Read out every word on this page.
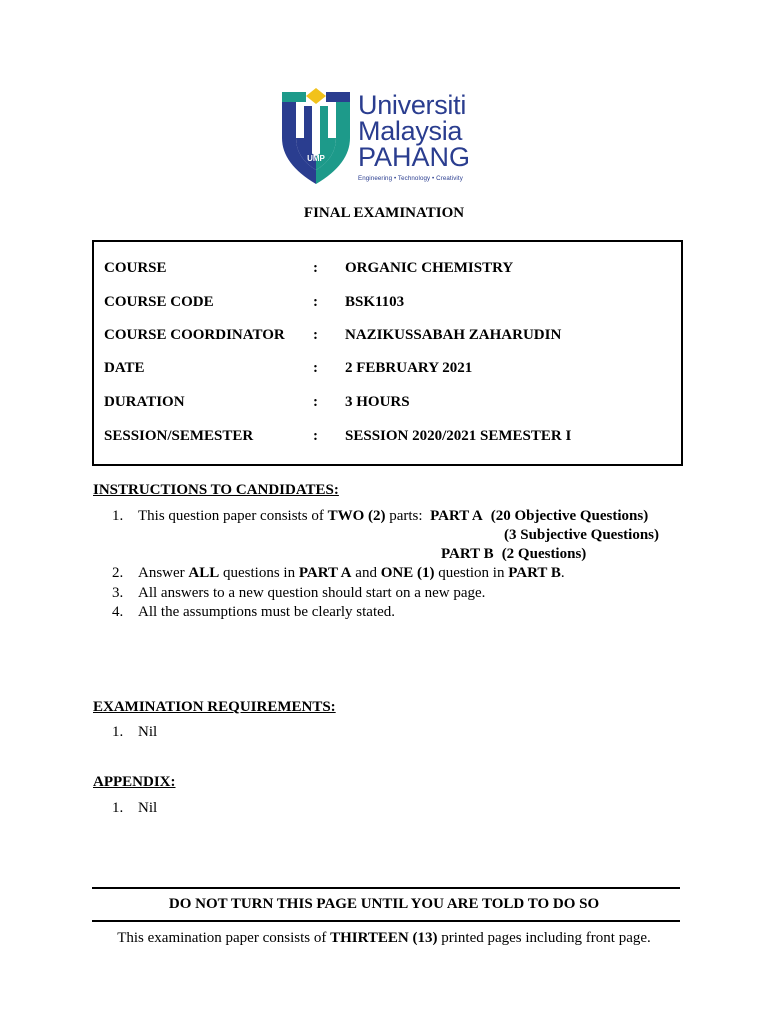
UMP
Universiti
Malaysia
PAHANG
Engineering • Technology • Creativity
FINAL EXAMINATION
COURSE	: ORGANIC CHEMISTRY
COURSE CODE	: BSK1103
COURSE COORDINATOR : NAZIKUSSABAH ZAHARUDIN
DATE	: 2 FEBRUARY 2021
DURATION	: 3 HOURS
SESSION/SEMESTER	: SESSION 2020/2021 SEMESTER I
INSTRUCTIONS TO CANDIDATES:
1. This question paper consists of TWO (2) parts:  PART A (20 Objective Questions)
(3 Subjective Questions)
PART B (2 Questions)
2. Answer ALL questions in PART A and ONE (1) question in PART B.
3. All answers to a new question should start on a new page.
4. All the assumptions must be clearly stated.
EXAMINATION REQUIREMENTS:
1. Nil
APPENDIX:
1. Nil
DO NOT TURN THIS PAGE UNTIL YOU ARE TOLD TO DO SO
This examination paper consists of THIRTEEN (13) printed pages including front page.
